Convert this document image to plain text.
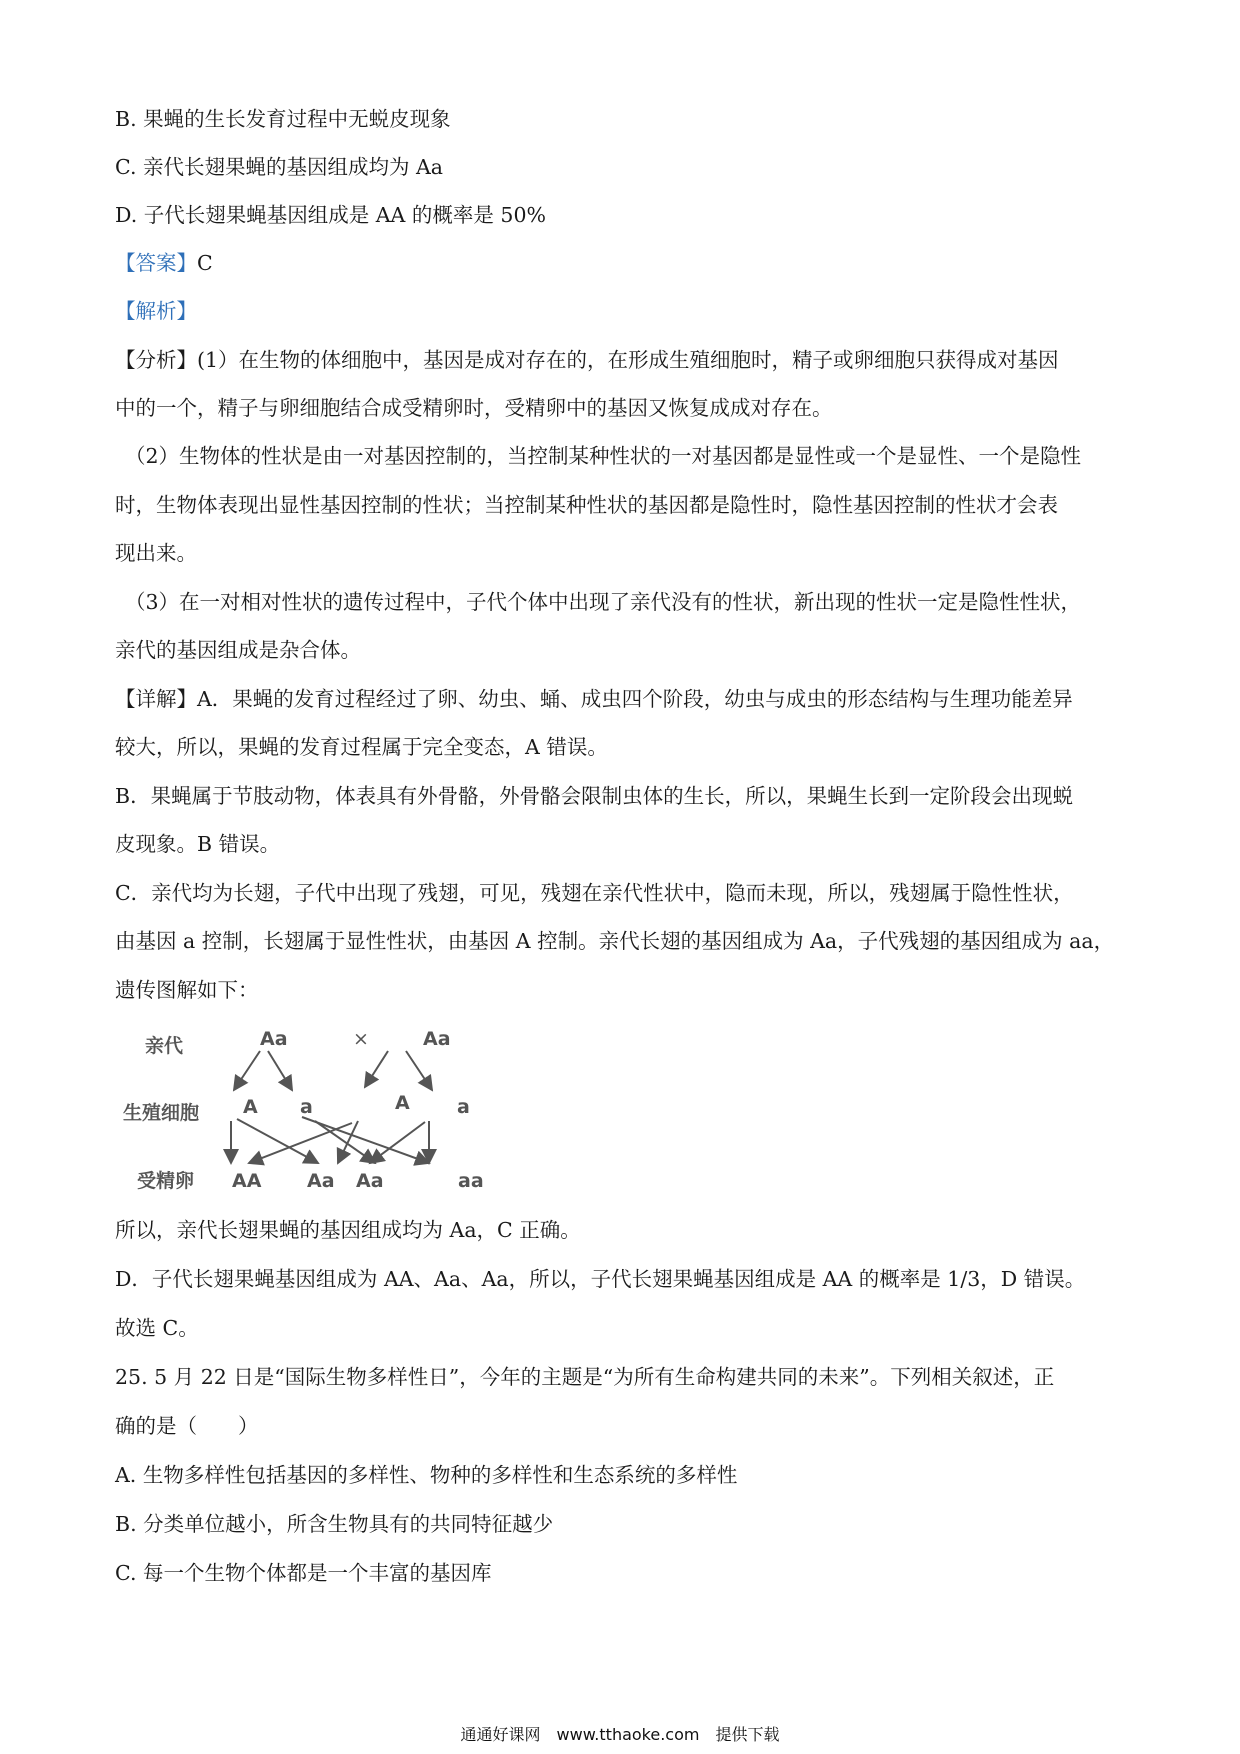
B. 果蝇的生长发育过程中无蜕皮现象
C. 亲代长翅果蝇的基因组成均为 Aa
D. 子代长翅果蝇基因组成是 AA 的概率是 50%
【答案】C
【解析】
【分析】(1）在生物的体细胞中，基因是成对存在的，在形成生殖细胞时，精子或卵细胞只获得成对基因
中的一个，精子与卵细胞结合成受精卵时，受精卵中的基因又恢复成成对存在。
（2）生物体的性状是由一对基因控制的，当控制某种性状的一对基因都是显性或一个是显性、一个是隐性
时，生物体表现出显性基因控制的性状；当控制某种性状的基因都是隐性时，隐性基因控制的性状才会表
现出来。
（3）在一对相对性状的遗传过程中，子代个体中出现了亲代没有的性状，新出现的性状一定是隐性性状，
亲代的基因组成是杂合体。
【详解】A．果蝇的发育过程经过了卵、幼虫、蛹、成虫四个阶段，幼虫与成虫的形态结构与生理功能差异
较大，所以，果蝇的发育过程属于完全变态，A 错误。
B．果蝇属于节肢动物，体表具有外骨骼，外骨骼会限制虫体的生长，所以，果蝇生长到一定阶段会出现蜕
皮现象。B 错误。
C．亲代均为长翅，子代中出现了残翅，可见，残翅在亲代性状中，隐而未现，所以，残翅属于隐性性状，
由基因 a 控制，长翅属于显性性状，由基因 A 控制。亲代长翅的基因组成为 Aa，子代残翅的基因组成为 aa，
遗传图解如下：
亲代
生殖细胞
受精卵
Aa	×	Aa
A a	A a
AA Aa Aa	aa
所以，亲代长翅果蝇的基因组成均为 Aa，C 正确。
D．子代长翅果蝇基因组成为 AA、Aa、Aa，所以，子代长翅果蝇基因组成是 AA 的概率是 1/3，D 错误。
故选 C。
25. 5 月 22 日是“国际生物多样性日”，今年的主题是“为所有生命构建共同的未来”。下列相关叙述，正
确的是（　　）
A. 生物多样性包括基因的多样性、物种的多样性和生态系统的多样性
B. 分类单位越小，所含生物具有的共同特征越少
C. 每一个生物个体都是一个丰富的基因库
通通好课网　www.tthaoke.com　提供下载
